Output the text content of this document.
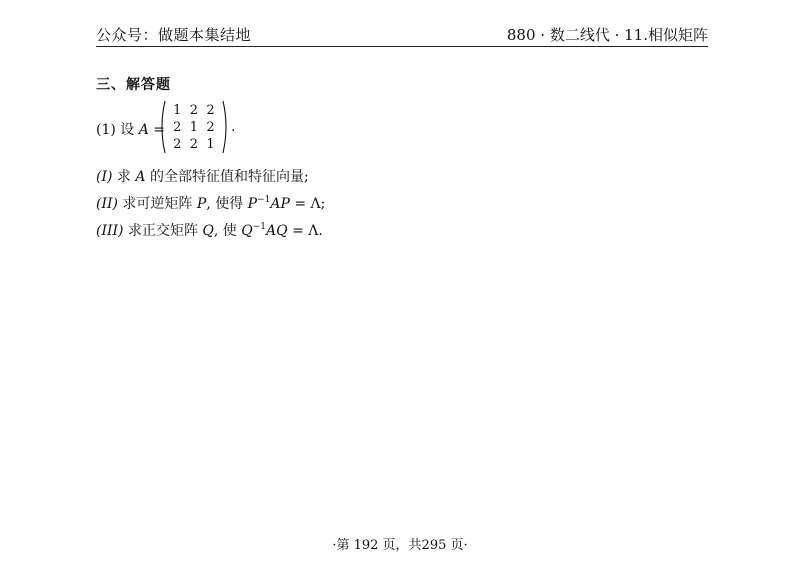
公众号：做题本集结地	880 · 数二线代 · 11.相似矩阵
三、解答题
(1) 设 A =
1 2 2
2 1 2
2 2 1
.
(I) 求 A 的全部特征值和特征向量;
(II) 求可逆矩阵 P, 使得 $P^{-1}AP = \Lambda$;
(III) 求正交矩阵 Q, 使 $Q^{-1}AQ = \Lambda$.
·第 192 页，共295 页·
